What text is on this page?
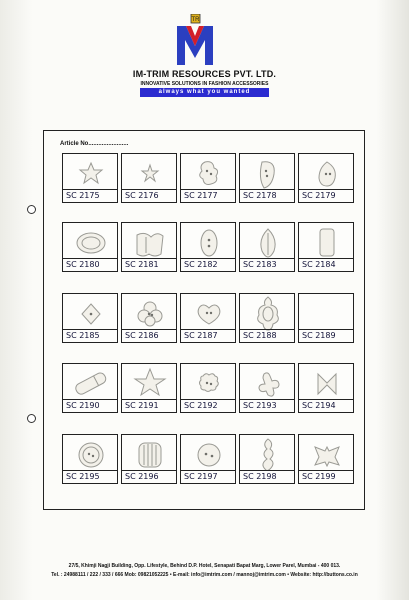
TR
IM-TRIM RESOURCES PVT. LTD.
INNOVATIVE SOLUTIONS IN FASHION ACCESSORIES
always what you wanted
Article No........................
SC 2175	SC 2176	SC 2177	SC 2178	SC 2179
SC 2180	SC 2181	SC 2182	SC 2183	SC 2184
SC 2185	SC 2186	SC 2187	SC 2188	SC 2189
SC 2190	SC 2191	SC 2192	SC 2193	SC 2194
SC 2195	SC 2196	SC 2197	SC 2198	SC 2199
27/5, Khimji Nagji Building, Opp. Lifestyle, Behind D.P. Hotel, Senapati Bapat Marg, Lower Parel, Mumbai - 400 013.
Tel. : 24988111 / 222 / 333 / 666 Mob: 09821052225 • E-mail: info@imtrim.com / mannoj@imtrim.com • Website: http://buttons.co.in
